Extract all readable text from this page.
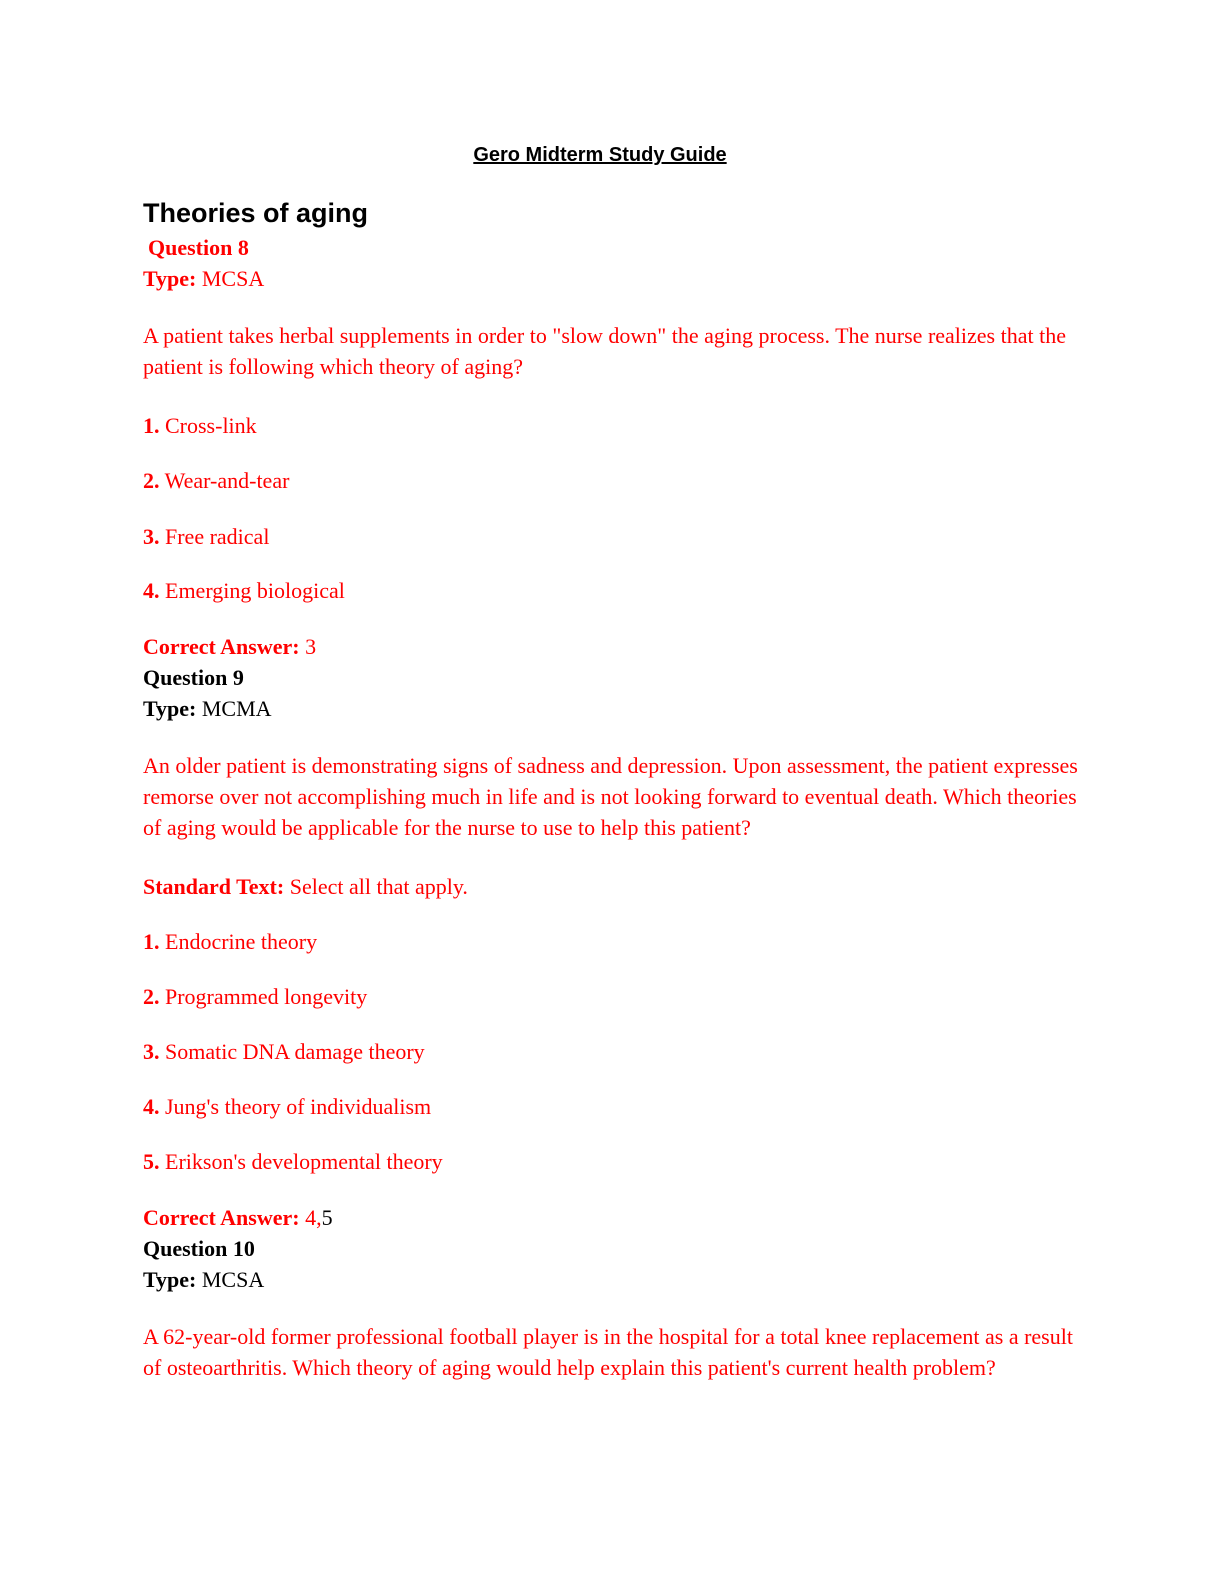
Gero Midterm Study Guide
Theories of aging
Question 8
Type: MCSA

A patient takes herbal supplements in order to "slow down" the aging process. The nurse realizes that the patient is following which theory of aging?

1. Cross-link
2. Wear-and-tear
3. Free radical
4. Emerging biological
Correct Answer: 3
Question 9
Type: MCMA

An older patient is demonstrating signs of sadness and depression. Upon assessment, the patient expresses remorse over not accomplishing much in life and is not looking forward to eventual death. Which theories of aging would be applicable for the nurse to use to help this patient?

Standard Text: Select all that apply.
1. Endocrine theory
2. Programmed longevity
3. Somatic DNA damage theory
4. Jung's theory of individualism
5. Erikson's developmental theory
Correct Answer: 4,5
Question 10
Type: MCSA

A 62-year-old former professional football player is in the hospital for a total knee replacement as a result of osteoarthritis. Which theory of aging would help explain this patient's current health problem?
